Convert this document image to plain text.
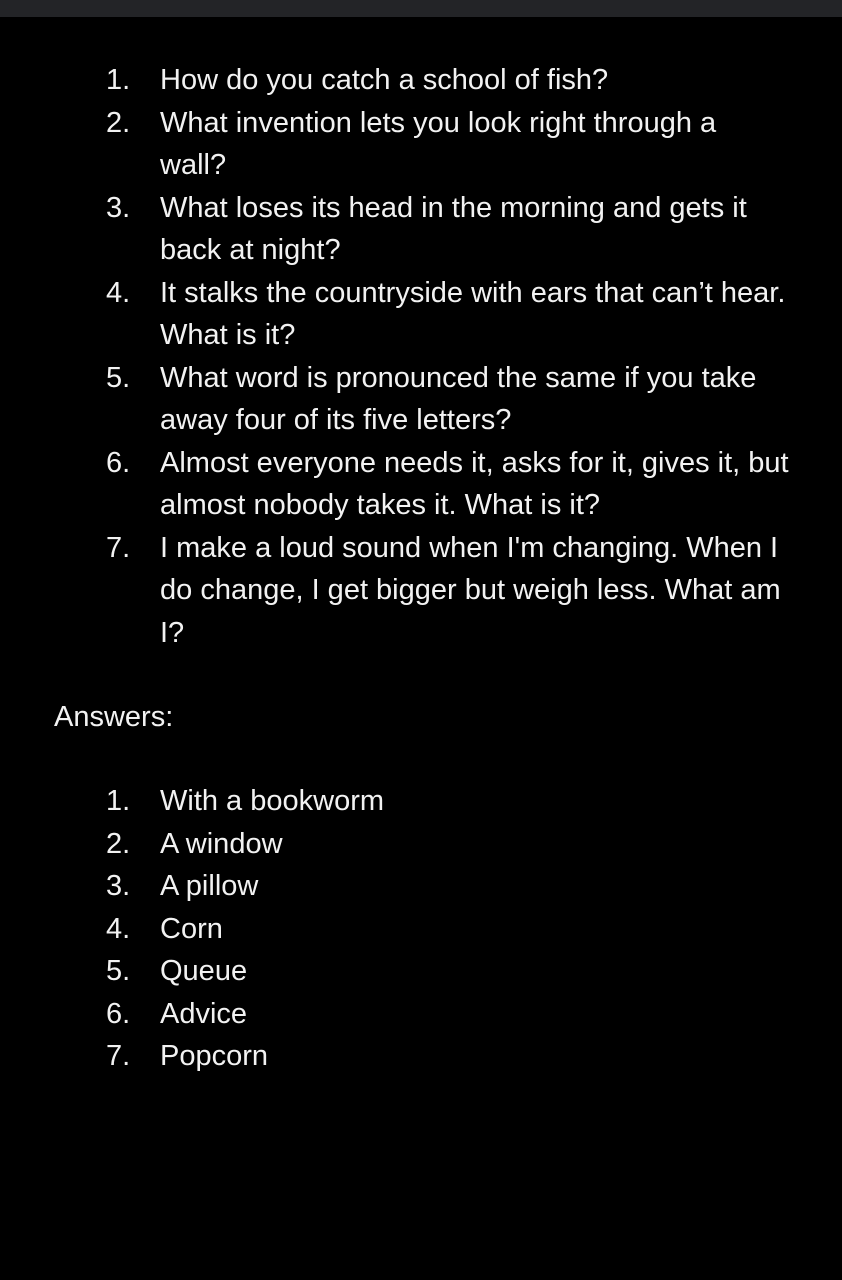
1.	How do you catch a school of fish?
2.	What invention lets you look right through a wall?
3.	What loses its head in the morning and gets it back at night?
4.	It stalks the countryside with ears that can’t hear. What is it?
5.	What word is pronounced the same if you take away four of its five letters?
6.	Almost everyone needs it, asks for it, gives it, but almost nobody takes it. What is it?
7.	I make a loud sound when I'm changing. When I do change, I get bigger but weigh less. What am I?
Answers:
1.	With a bookworm
2.	A window
3.	A pillow
4.	Corn
5.	Queue
6.	Advice
7.	Popcorn
